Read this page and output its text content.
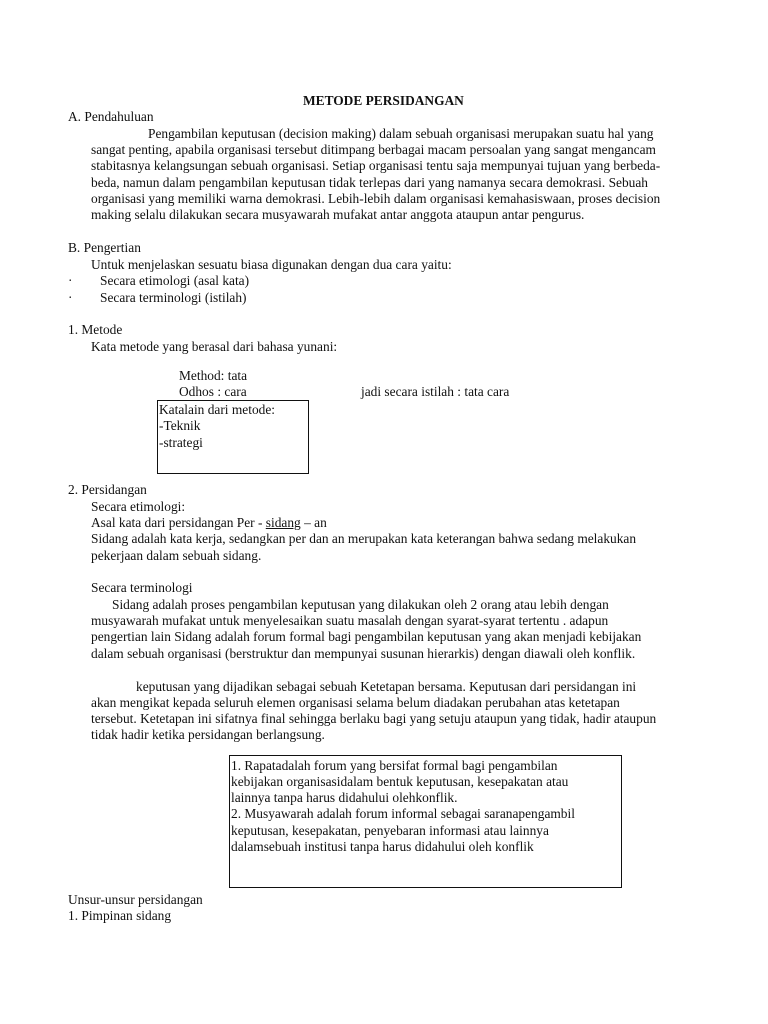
METODE PERSIDANGAN
A. Pendahuluan
Pengambilan keputusan (decision making) dalam sebuah organisasi merupakan suatu hal yang
sangat penting, apabila organisasi tersebut ditimpang berbagai macam persoalan yang sangat mengancam
stabitasnya kelangsungan sebuah organisasi. Setiap organisasi tentu saja mempunyai tujuan yang berbeda-
beda, namun dalam pengambilan keputusan tidak terlepas dari yang namanya secara demokrasi. Sebuah
organisasi yang memiliki warna demokrasi. Lebih-lebih dalam organisasi kemahasiswaan, proses decision
making selalu dilakukan secara musyawarah mufakat antar anggota ataupun antar pengurus.
B. Pengertian
Untuk menjelaskan sesuatu biasa digunakan dengan dua cara yaitu:
· Secara etimologi (asal kata)
· Secara terminologi (istilah)
1. Metode
Kata metode yang berasal dari bahasa yunani:
Method: tata
Odhos : cara	jadi secara istilah : tata cara
Katalain dari metode:
-Teknik
-strategi
2. Persidangan
Secara etimologi:
Asal kata dari persidangan Per - sidang – an
Sidang adalah kata kerja, sedangkan per dan an merupakan kata keterangan bahwa sedang melakukan
pekerjaan dalam sebuah sidang.
Secara terminologi
Sidang adalah proses pengambilan keputusan yang dilakukan oleh 2 orang atau lebih dengan
musyawarah mufakat untuk menyelesaikan suatu masalah dengan syarat-syarat tertentu . adapun
pengertian lain Sidang adalah forum formal bagi pengambilan keputusan yang akan menjadi kebijakan
dalam sebuah organisasi (berstruktur dan mempunyai susunan hierarkis) dengan diawali oleh konflik.
keputusan yang dijadikan sebagai sebuah Ketetapan bersama. Keputusan dari persidangan ini
akan mengikat kepada seluruh elemen organisasi selama belum diadakan perubahan atas ketetapan
tersebut. Ketetapan ini sifatnya final sehingga berlaku bagi yang setuju ataupun yang tidak, hadir ataupun
tidak hadir ketika persidangan berlangsung.
1. Rapatadalah forum yang bersifat formal bagi pengambilan
kebijakan organisasidalam bentuk keputusan, kesepakatan atau
lainnya tanpa harus didahului olehkonflik.
2. Musyawarah adalah forum informal sebagai saranapengambil
keputusan, kesepakatan, penyebaran informasi atau lainnya
dalamsebuah institusi tanpa harus didahului oleh konflik
Unsur-unsur persidangan
1. Pimpinan sidang
